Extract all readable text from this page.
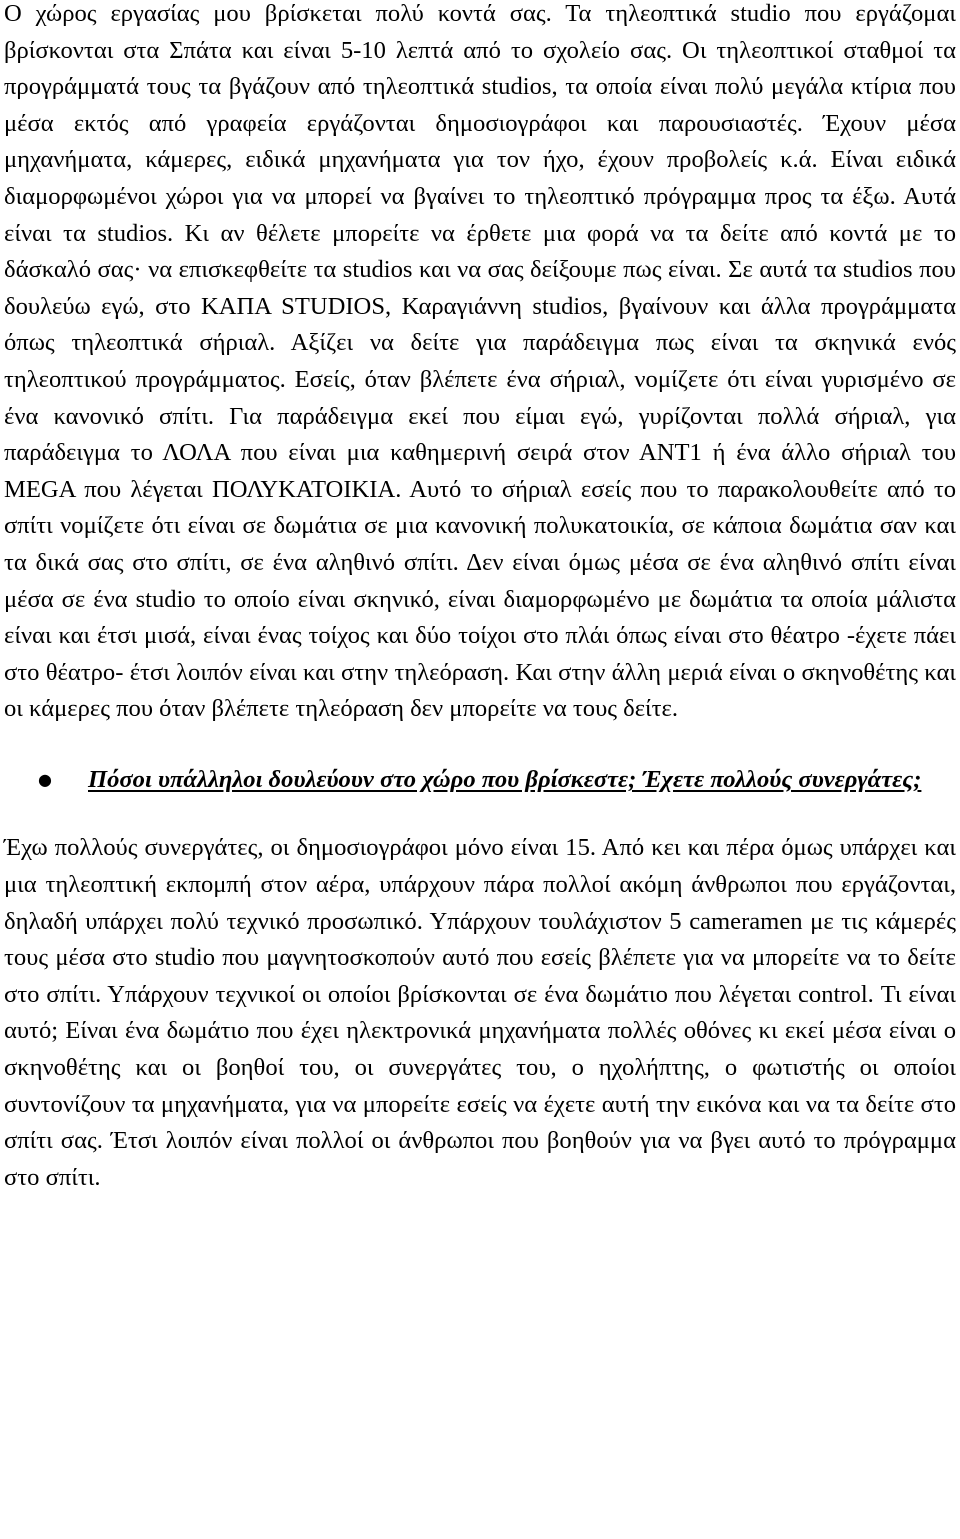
Ο χώρος εργασίας μου βρίσκεται πολύ κοντά σας. Τα τηλεοπτικά studio που εργάζομαι βρίσκονται στα Σπάτα και είναι 5-10 λεπτά από το σχολείο σας. Οι τηλεοπτικοί σταθμοί τα προγράμματά τους τα βγάζουν από τηλεοπτικά studios, τα οποία είναι πολύ μεγάλα κτίρια που μέσα εκτός από γραφεία εργάζονται δημοσιογράφοι και παρουσιαστές. Έχουν μέσα μηχανήματα, κάμερες, ειδικά μηχανήματα για τον ήχο, έχουν προβολείς κ.ά. Είναι ειδικά διαμορφωμένοι χώροι για να μπορεί να βγαίνει το τηλεοπτικό πρόγραμμα προς τα έξω. Αυτά είναι τα studios. Κι αν θέλετε μπορείτε να έρθετε μια φορά να τα δείτε από κοντά με το δάσκαλό σας· να επισκεφθείτε τα studios και να σας δείξουμε πως είναι. Σε αυτά τα studios που δουλεύω εγώ, στο ΚΑΠΑ STUDIOS, Καραγιάννη studios, βγαίνουν και άλλα προγράμματα όπως τηλεοπτικά σήριαλ. Αξίζει να δείτε για παράδειγμα πως είναι τα σκηνικά ενός τηλεοπτικού προγράμματος. Εσείς, όταν βλέπετε ένα σήριαλ, νομίζετε ότι είναι γυρισμένο σε ένα κανονικό σπίτι. Για παράδειγμα εκεί που είμαι εγώ, γυρίζονται πολλά σήριαλ, για παράδειγμα το ΛΟΛΑ που είναι μια καθημερινή σειρά στον ΑΝΤ1 ή ένα άλλο σήριαλ του MEGA που λέγεται ΠΟΛΥΚΑΤΟΙΚΙΑ. Αυτό το σήριαλ εσείς που το παρακολουθείτε από το σπίτι νομίζετε ότι είναι σε δωμάτια σε μια κανονική πολυκατοικία, σε κάποια δωμάτια σαν και τα δικά σας στο σπίτι, σε ένα αληθινό σπίτι. Δεν είναι όμως μέσα σε ένα αληθινό σπίτι είναι μέσα σε ένα studio το οποίο είναι σκηνικό, είναι διαμορφωμένο με δωμάτια τα οποία μάλιστα είναι και έτσι μισά, είναι ένας τοίχος και δύο τοίχοι στο πλάι όπως είναι στο θέατρο -έχετε πάει στο θέατρο- έτσι λοιπόν είναι και στην τηλεόραση. Και στην άλλη μεριά είναι ο σκηνοθέτης και οι κάμερες που όταν βλέπετε τηλεόραση δεν μπορείτε να τους δείτε.

● Πόσοι υπάλληλοι δουλεύουν στο χώρο που βρίσκεστε; Έχετε πολλούς συνεργάτες;

Έχω πολλούς συνεργάτες, οι δημοσιογράφοι μόνο είναι 15. Από κει και πέρα όμως υπάρχει και μια τηλεοπτική εκπομπή στον αέρα, υπάρχουν πάρα πολλοί ακόμη άνθρωποι που εργάζονται, δηλαδή υπάρχει πολύ τεχνικό προσωπικό. Υπάρχουν τουλάχιστον 5 cameramen με τις κάμερές τους μέσα στο studio που μαγνητοσκοπούν αυτό που εσείς βλέπετε για να μπορείτε να το δείτε στο σπίτι. Υπάρχουν τεχνικοί οι οποίοι βρίσκονται σε ένα δωμάτιο που λέγεται control. Τι είναι αυτό; Είναι ένα δωμάτιο που έχει ηλεκτρονικά μηχανήματα πολλές οθόνες κι εκεί μέσα είναι ο σκηνοθέτης και οι βοηθοί του, οι συνεργάτες του, ο ηχολήπτης, ο φωτιστής οι οποίοι συντονίζουν τα μηχανήματα, για να μπορείτε εσείς να έχετε αυτή την εικόνα και να τα δείτε στο σπίτι σας. Έτσι λοιπόν είναι πολλοί οι άνθρωποι που βοηθούν για να βγει αυτό το πρόγραμμα στο σπίτι.
